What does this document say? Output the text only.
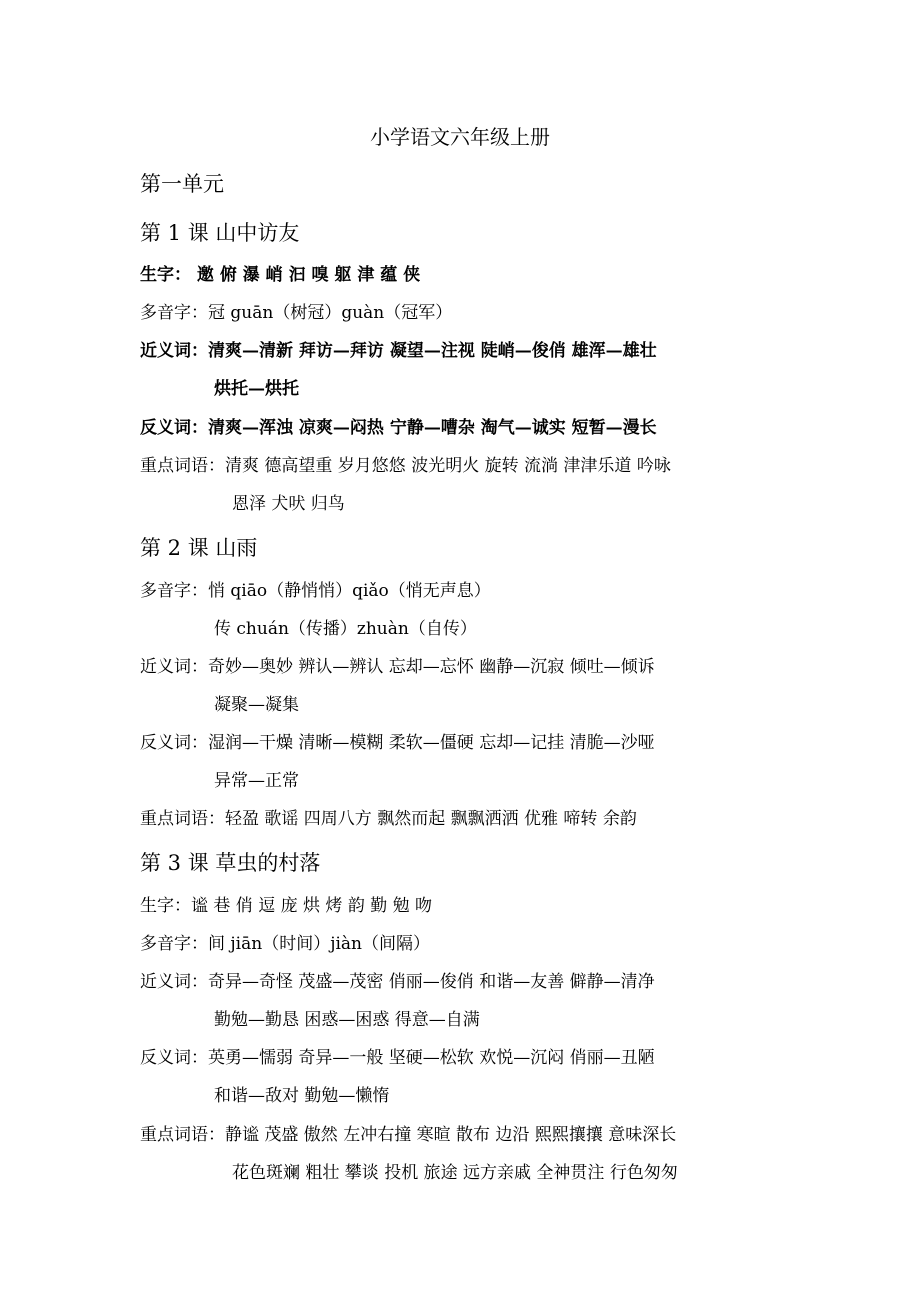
小学语文六年级上册
第一单元
第 1 课 山中访友
生字： 邀 俯 瀑 峭 汩 嗅 躯 津 蕴 侠
多音字：冠 guān（树冠）guàn（冠军）
近义词：清爽—清新 拜访—拜访 凝望—注视 陡峭—俊俏 雄浑—雄壮
烘托—烘托
反义词：清爽—浑浊 凉爽—闷热 宁静—嘈杂 淘气—诚实 短暂—漫长
重点词语：清爽 德高望重 岁月悠悠 波光明火 旋转 流淌 津津乐道 吟咏
恩泽 犬吠 归鸟
第 2 课 山雨
多音字：悄 qiāo（静悄悄）qiǎo（悄无声息）
传 chuán（传播）zhuàn（自传）
近义词：奇妙—奥妙 辨认—辨认 忘却—忘怀 幽静—沉寂 倾吐—倾诉
凝聚—凝集
反义词：湿润—干燥 清晰—模糊 柔软—僵硬 忘却—记挂 清脆—沙哑
异常—正常
重点词语：轻盈 歌谣 四周八方 飘然而起 飘飘洒洒 优雅 啼转 余韵
第 3 课 草虫的村落
生字：谧 巷 俏 逗 庞 烘 烤 韵 勤 勉 吻
多音字：间 jiān（时间）jiàn（间隔）
近义词：奇异—奇怪 茂盛—茂密 俏丽—俊俏 和谐—友善 僻静—清净
勤勉—勤恳 困惑—困惑 得意—自满
反义词：英勇—懦弱 奇异—一般 坚硬—松软 欢悦—沉闷 俏丽—丑陋
和谐—敌对 勤勉—懒惰
重点词语：静谧 茂盛 傲然 左冲右撞 寒暄 散布 边沿 熙熙攘攘 意味深长
花色斑斓 粗壮 攀谈 投机 旅途 远方亲戚 全神贯注 行色匆匆
